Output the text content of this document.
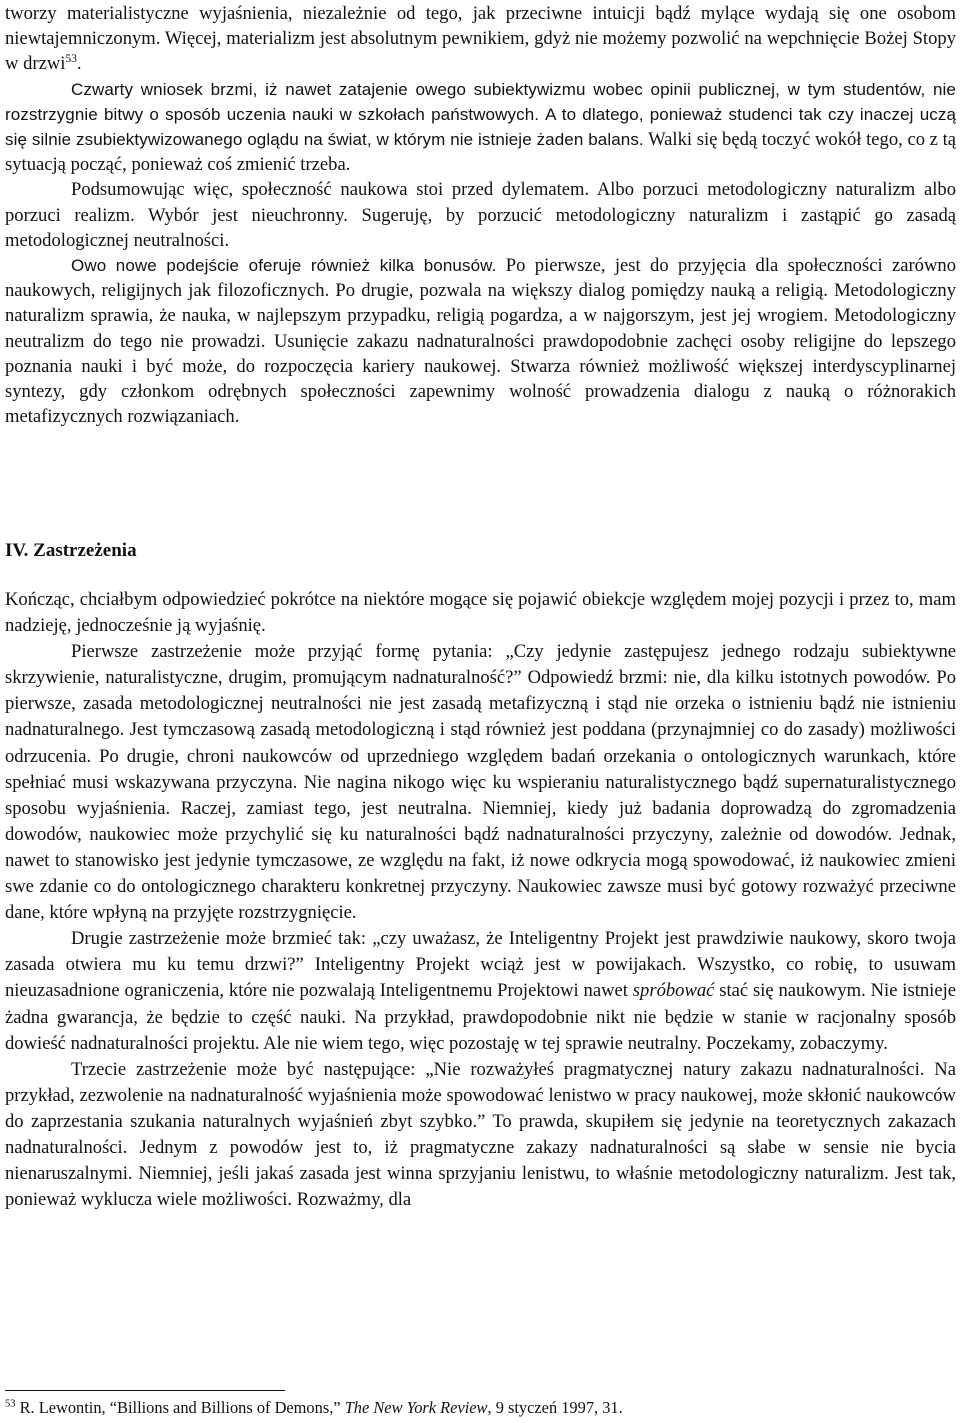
tworzy materialistyczne wyjaśnienia, niezależnie od tego, jak przeciwne intuicji bądź mylące wydają się one osobom niewtajemniczonym. Więcej, materializm jest absolutnym pewnikiem, gdyż nie możemy pozwolić na wepchnięcie Bożej Stopy w drzwi$^{53}$.

Czwarty wniosek brzmi, iż nawet zatajenie owego subiektywizmu wobec opinii publicznej, w tym studentów, nie rozstrzygnie bitwy o sposób uczenia nauki w szkołach państwowych. A to dlatego, ponieważ studenci tak czy inaczej uczą się silnie zsubiektywizowanego oglądu na świat, w którym nie istnieje żaden balans. Walki się będą toczyć wokół tego, co z tą sytuacją począć, ponieważ coś zmienić trzeba.

Podsumowując więc, społeczność naukowa stoi przed dylematem. Albo porzuci metodologiczny naturalizm albo porzuci realizm. Wybór jest nieuchronny. Sugeruję, by porzucić metodologiczny naturalizm i zastąpić go zasadą metodologicznej neutralności.

Owo nowe podejście oferuje również kilka bonusów. Po pierwsze, jest do przyjęcia dla społeczności zarówno naukowych, religijnych jak filozoficznych. Po drugie, pozwala na większy dialog pomiędzy nauką a religią. Metodologiczny naturalizm sprawia, że nauka, w najlepszym przypadku, religią pogardza, a w najgorszym, jest jej wrogiem. Metodologiczny neutralizm do tego nie prowadzi. Usunięcie zakazu nadnaturalności prawdopodobnie zachęci osoby religijne do lepszego poznania nauki i być może, do rozpoczęcia kariery naukowej. Stwarza również możliwość większej interdyscyplinarnej syntezy, gdy członkom odrębnych społeczności zapewnimy wolność prowadzenia dialogu z nauką o różnorakich metafizycznych rozwiązaniach.

IV. Zastrzeżenia

Kończąc, chciałbym odpowiedzieć pokrótce na niektóre mogące się pojawić obiekcje względem mojej pozycji i przez to, mam nadzieję, jednocześnie ją wyjaśnię.

Pierwsze zastrzeżenie może przyjąć formę pytania: „Czy jedynie zastępujesz jednego rodzaju subiektywne skrzywienie, naturalistyczne, drugim, promującym nadnaturalność?” Odpowiedź brzmi: nie, dla kilku istotnych powodów. Po pierwsze, zasada metodologicznej neutralności nie jest zasadą metafizyczną i stąd nie orzeka o istnieniu bądź nie istnieniu nadnaturalnego. Jest tymczasową zasadą metodologiczną i stąd również jest poddana (przynajmniej co do zasady) możliwości odrzucenia. Po drugie, chroni naukowców od uprzedniego względem badań orzekania o ontologicznych warunkach, które spełniać musi wskazywana przyczyna. Nie nagina nikogo więc ku wspieraniu naturalistycznego bądź supernaturalistycznego sposobu wyjaśnienia. Raczej, zamiast tego, jest neutralna. Niemniej, kiedy już badania doprowadzą do zgromadzenia dowodów, naukowiec może przychylić się ku naturalności bądź nadnaturalności przyczyny, zależnie od dowodów. Jednak, nawet to stanowisko jest jedynie tymczasowe, ze względu na fakt, iż nowe odkrycia mogą spowodować, iż naukowiec zmieni swe zdanie co do ontologicznego charakteru konkretnej przyczyny. Naukowiec zawsze musi być gotowy rozważyć przeciwne dane, które wpłyną na przyjęte rozstrzygnięcie.

Drugie zastrzeżenie może brzmieć tak: „czy uważasz, że Inteligentny Projekt jest prawdziwie naukowy, skoro twoja zasada otwiera mu ku temu drzwi?” Inteligentny Projekt wciąż jest w powijakach. Wszystko, co robię, to usuwam nieuzasadnione ograniczenia, które nie pozwalają Inteligentnemu Projektowi nawet spróbować stać się naukowym. Nie istnieje żadna gwarancja, że będzie to część nauki. Na przykład, prawdopodobnie nikt nie będzie w stanie w racjonalny sposób dowieść nadnaturalności projektu. Ale nie wiem tego, więc pozostaję w tej sprawie neutralny. Poczekamy, zobaczymy.

Trzecie zastrzeżenie może być następujące: „Nie rozważyłeś pragmatycznej natury zakazu nadnaturalności. Na przykład, zezwolenie na nadnaturalność wyjaśnienia może spowodować lenistwo w pracy naukowej, może skłonić naukowców do zaprzestania szukania naturalnych wyjaśnień zbyt szybko.” To prawda, skupiłem się jedynie na teoretycznych zakazach nadnaturalności. Jednym z powodów jest to, iż pragmatyczne zakazy nadnaturalności są słabe w sensie nie bycia nienaruszalnymi. Niemniej, jeśli jakaś zasada jest winna sprzyjaniu lenistwu, to właśnie metodologiczny naturalizm. Jest tak, ponieważ wyklucza wiele możliwości. Rozważmy, dla

$^{53}$ R. Lewontin, “Billions and Billions of Demons,” The New York Review, 9 styczeń 1997, 31.
